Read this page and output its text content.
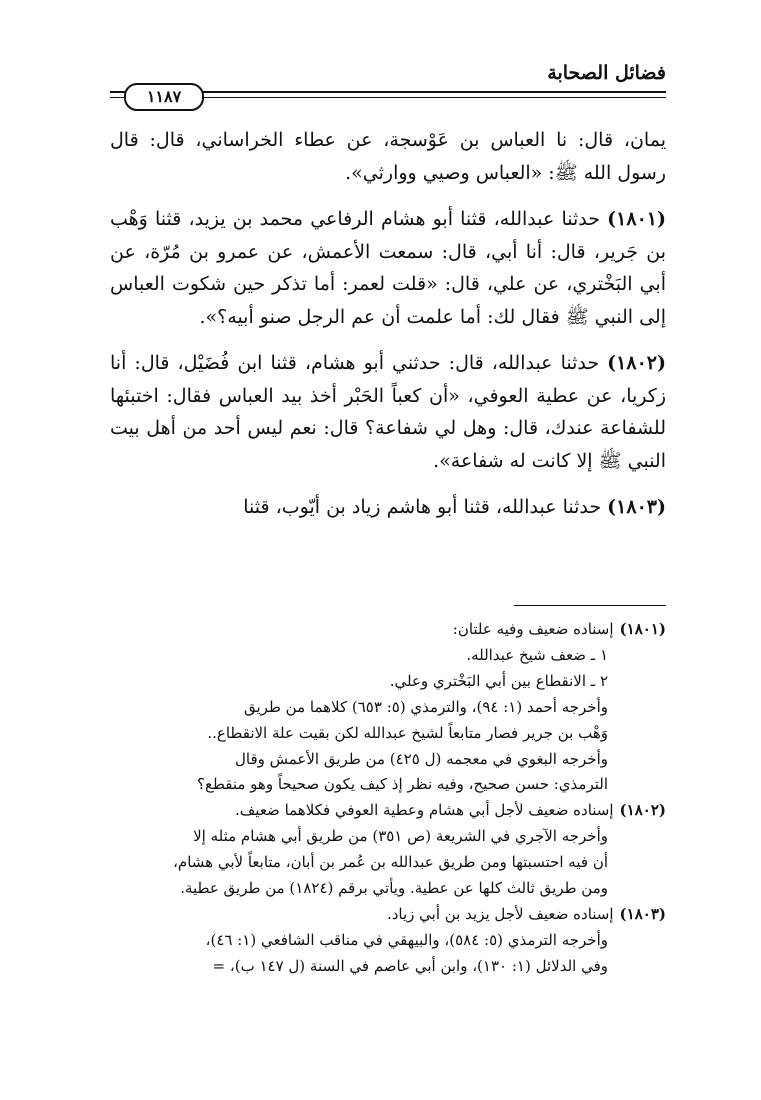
فضائل الصحابة
١١٨٧

يمان، قال: نا العباس بن عَوْسجة، عن عطاء الخراساني، قال: قال رسول الله ﷺ: «العباس وصيي ووارثي».

(١٨٠١) حدثنا عبدالله، قثنا أبو هشام الرفاعي محمد بن يزيد، قثنا وَهْب بن جَرير، قال: أنا أبي، قال: سمعت الأعمش، عن عمرو بن مُرّة، عن أبي البَخْتري، عن علي، قال: «قلت لعمر: أما تذكر حين شكوت العباس إلى النبي ﷺ فقال لك: أما علمت أن عم الرجل صنو أبيه؟».

(١٨٠٢) حدثنا عبدالله، قال: حدثني أبو هشام، قثنا ابن فُضَيْل، قال: أنا زكريا، عن عطية العوفي، «أن كعباً الحَبْر أخذ بيد العباس فقال: اختبئها للشفاعة عندك، قال: وهل لي شفاعة؟ قال: نعم ليس أحد من أهل بيت النبي ﷺ إلا كانت له شفاعة».

(١٨٠٣) حدثنا عبدالله، قثنا أبو هاشم زياد بن أيّوب، قثنا

(١٨٠١)إسناده ضعيف وفيه علتان:
١ ـ ضعف شيخ عبدالله.
٢ ـ الانقطاع بين أبي البَخْتري وعلي.
وأخرجه أحمد (١: ٩٤)، والترمذي (٥: ٦٥٣) كلاهما من طريق
وَهْب بن جرير فصار متابعاً لشيخ عبدالله لكن بقيت علة الانقطاع..
وأخرجه البغوي في معجمه (ل ٤٢٥) من طريق الأعمش وقال
الترمذي: حسن صحيح، وفيه نظر إذ كيف يكون صحيحاً وهو منقطع؟
(١٨٠٢)إسناده ضعيف لأجل أبي هشام وعطية العوفي فكلاهما ضعيف.
وأخرجه الآجري في الشريعة (ص ٣٥١) من طريق أبي هشام مثله إلا
أن فيه احتسبتها ومن طريق عبدالله بن عُمر بن أبان، متابعاً لأبي هشام،
ومن طريق ثالث كلها عن عطية. ويأتي برقم (١٨٢٤) من طريق عطية.
(١٨٠٣)إسناده ضعيف لأجل يزيد بن أبي زياد.
وأخرجه الترمذي (٥: ٥٨٤)، والبيهقي في مناقب الشافعي (١: ٤٦)،
وفي الدلائل (١: ١٣٠)، وابن أبي عاصم في السنة (ل ١٤٧ ب)، =
